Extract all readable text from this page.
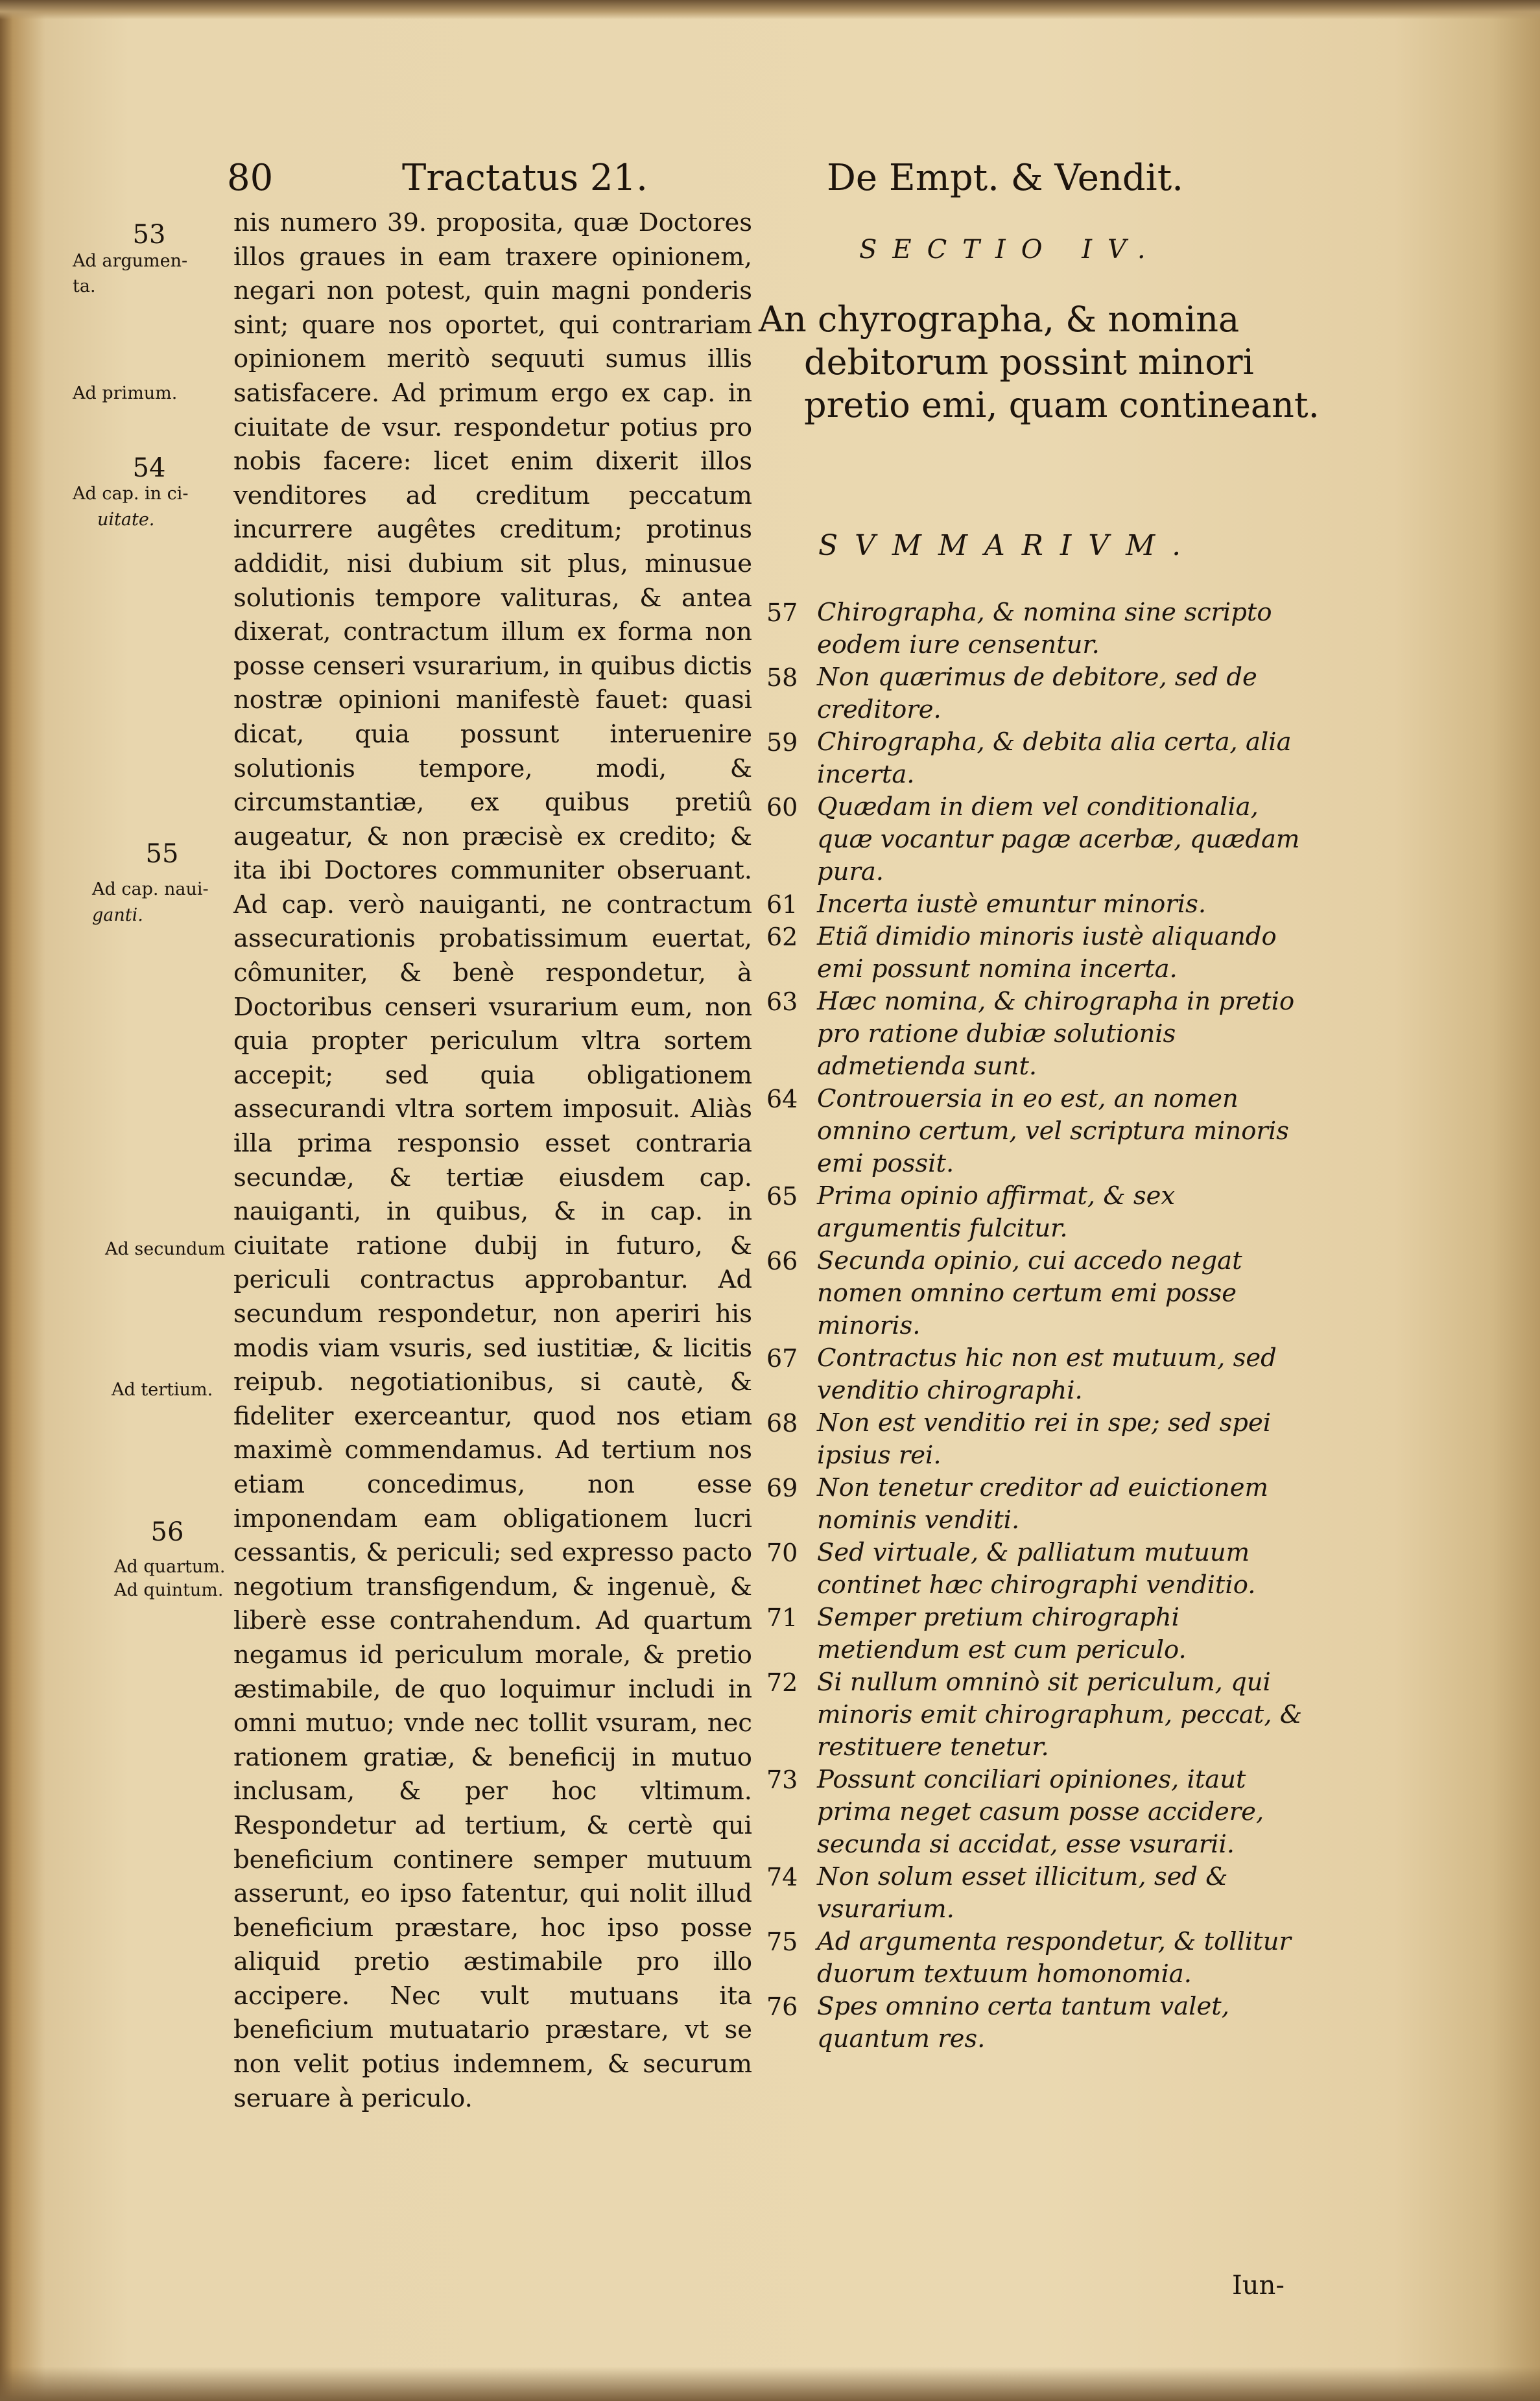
80	Tractatus 21.	De Empt. & Vendit.
53
54
55
56
Ad argumen-
ta.
Ad primum.
Ad cap. in ci-
uitate.
Ad cap. naui-
ganti.
Ad secundum
Ad tertium.
Ad quartum.
Ad quintum.

nis numero 39. proposita, quæ Doctores illos graues in eam traxere opinionem, negari non potest, quin magni ponderis sint; quare nos oportet, qui contrariam opinionem meritò sequuti sumus illis satisfacere. Ad primum ergo ex cap. in ciuitate de vsur. respondetur potius pro nobis facere: licet enim dixerit illos venditores ad creditum peccatum incurrere augêtes creditum; protinus addidit, nisi dubium sit plus, minusue solutionis tempore valituras, & antea dixerat, contractum illum ex forma non posse censeri vsurarium, in quibus dictis nostræ opinioni manifestè fauet: quasi dicat, quia possunt interuenire solutionis tempore, modi, & circumstantiæ, ex quibus pretiû augeatur, & non præcisè ex credito; & ita ibi Doctores communiter obseruant. Ad cap. verò nauiganti, ne contractum assecurationis probatissimum euertat, cômuniter, & benè respondetur, à Doctoribus censeri vsurarium eum, non quia propter periculum vltra sortem accepit; sed quia obligationem assecurandi vltra sortem imposuit. Aliàs illa prima responsio esset contraria secundæ, & tertiæ eiusdem cap. nauiganti, in quibus, & in cap. in ciuitate ratione dubij in futuro, & periculi contractus approbantur. Ad secundum respondetur, non aperiri his modis viam vsuris, sed iustitiæ, & licitis reipub. negotiationibus, si cautè, & fideliter exerceantur, quod nos etiam maximè commendamus. Ad tertium nos etiam concedimus, non esse imponendam eam obligationem lucri cessantis, & periculi; sed expresso pacto negotium transfigendum, & ingenuè, & liberè esse contrahendum. Ad quartum negamus id periculum morale, & pretio æstimabile, de quo loquimur includi in omni mutuo; vnde nec tollit vsuram, nec rationem gratiæ, & beneficij in mutuo inclusam, & per hoc vltimum. Respondetur ad tertium, & certè qui beneficium continere semper mutuum asserunt, eo ipso fatentur, qui nolit illud beneficium præstare, hoc ipso posse aliquid pretio æstimabile pro illo accipere. Nec vult mutuans ita beneficium mutuatario præstare, vt se non velit potius indemnem, & securum seruare à periculo.

SECTIO IV.
An chyrographa, & nomina debitorum possint minori pretio emi, quam contineant.
SVMMARIVM.
57 Chirographa, & nomina sine scripto eodem iure censentur.
58 Non quærimus de debitore, sed de creditore.
59 Chirographa, & debita alia certa, alia incerta.
60 Quædam in diem vel conditionalia, quæ vocantur pagæ acerbæ, quædam pura.
61 Incerta iustè emuntur minoris.
62 Etiã dimidio minoris iustè aliquando emi possunt nomina incerta.
63 Hæc nomina, & chirographa in pretio pro ratione dubiæ solutionis admetienda sunt.
64 Controuersia in eo est, an nomen omnino certum, vel scriptura minoris emi possit.
65 Prima opinio affirmat, & sex argumentis fulcitur.
66 Secunda opinio, cui accedo negat nomen omnino certum emi posse minoris.
67 Contractus hic non est mutuum, sed venditio chirographi.
68 Non est venditio rei in spe; sed spei ipsius rei.
69 Non tenetur creditor ad euictionem nominis venditi.
70 Sed virtuale, & palliatum mutuum continet hæc chirographi venditio.
71 Semper pretium chirographi metiendum est cum periculo.
72 Si nullum omninò sit periculum, qui minoris emit chirographum, peccat, & restituere tenetur.
73 Possunt conciliari opiniones, itaut prima neget casum posse accidere, secunda si accidat, esse vsurarii.
74 Non solum esset illicitum, sed & vsurarium.
75 Ad argumenta respondetur, & tollitur duorum textuum homonomia.
76 Spes omnino certa tantum valet, quantum res.
Iun-
